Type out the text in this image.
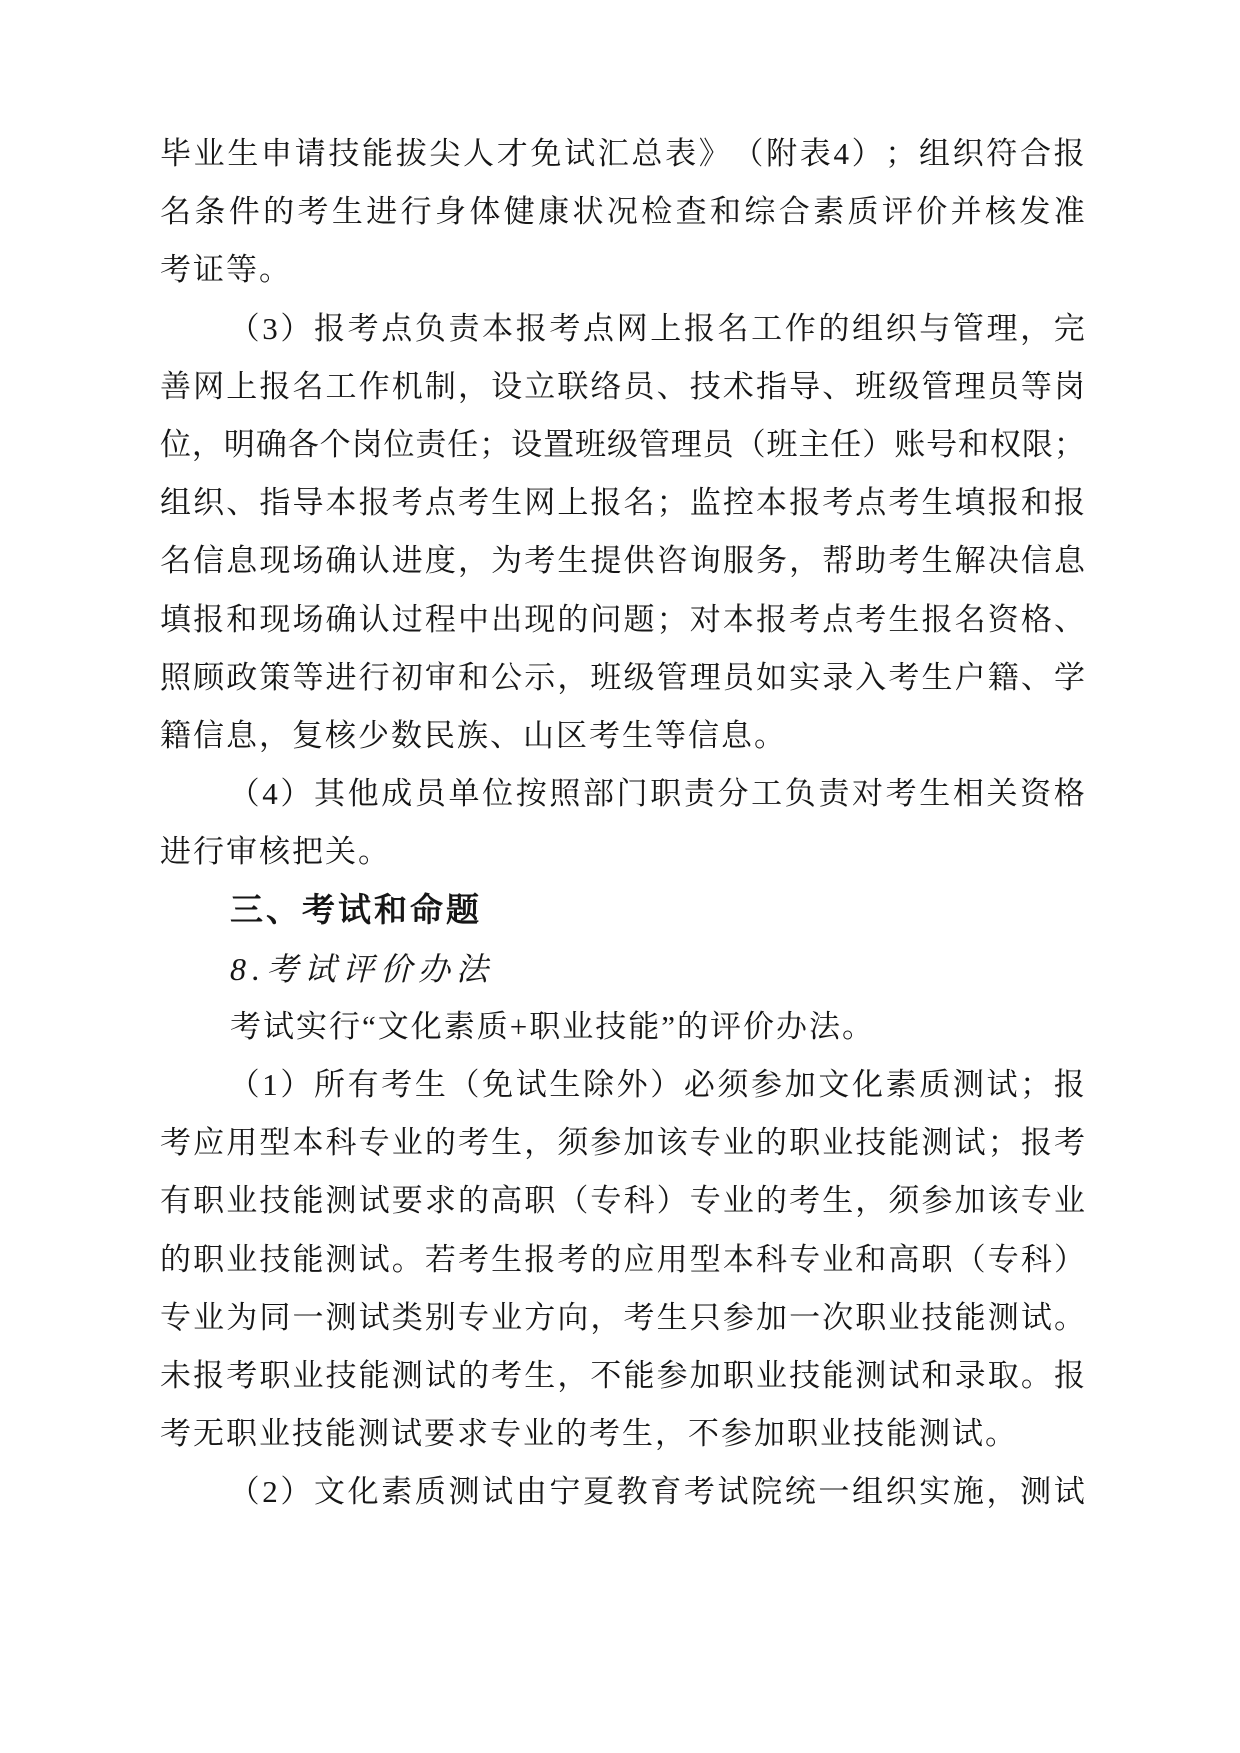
毕 业 生 申 请 技 能 拔 尖 人 才 免 试 汇 总 表 》 （ 附 表 4 ） ； 组 织 符 合 报
名 条 件 的 考 生 进 行 身 体 健 康 状 况 检 查 和 综 合 素 质 评 价 并 核 发 准
考证等。
（ 3 ） 报 考 点 负 责 本 报 考 点 网 上 报 名 工 作 的 组 织 与 管 理 ， 完
善 网 上 报 名 工 作 机 制 ， 设 立 联 络 员 、 技 术 指 导 、 班 级 管 理 员 等 岗
位 ， 明 确 各 个 岗 位 责 任 ； 设 置 班 级 管 理 员 （ 班 主 任 ） 账 号 和 权 限 ；
组 织 、 指 导 本 报 考 点 考 生 网 上 报 名 ； 监 控 本 报 考 点 考 生 填 报 和 报
名 信 息 现 场 确 认 进 度 ， 为 考 生 提 供 咨 询 服 务 ， 帮 助 考 生 解 决 信 息
填 报 和 现 场 确 认 过 程 中 出 现 的 问 题 ； 对 本 报 考 点 考 生 报 名 资 格 、
照 顾 政 策 等 进 行 初 审 和 公 示 ， 班 级 管 理 员 如 实 录 入 考 生 户 籍 、 学
籍信息，复核少数民族、山区考生等信息。
（ 4 ） 其 他 成 员 单 位 按 照 部 门 职 责 分 工 负 责 对 考 生 相 关 资 格
进行审核把关。
三、考试和命题
8.考试评价办法
考试实行“文化素质+职业技能”的评价办法。
（ 1 ） 所 有 考 生 （ 免 试 生 除 外 ） 必 须 参 加 文 化 素 质 测 试 ； 报
考 应 用 型 本 科 专 业 的 考 生 ， 须 参 加 该 专 业 的 职 业 技 能 测 试 ； 报 考
有 职 业 技 能 测 试 要 求 的 高 职 （ 专 科 ） 专 业 的 考 生 ， 须 参 加 该 专 业
的 职 业 技 能 测 试 。 若 考 生 报 考 的 应 用 型 本 科 专 业 和 高 职 （ 专 科 ）
专 业 为 同 一 测 试 类 别 专 业 方 向 ， 考 生 只 参 加 一 次 职 业 技 能 测 试 。
未 报 考 职 业 技 能 测 试 的 考 生 ， 不 能 参 加 职 业 技 能 测 试 和 录 取 。 报
考无职业技能测试要求专业的考生，不参加职业技能测试。
（ 2 ） 文 化 素 质 测 试 由 宁 夏 教 育 考 试 院 统 一 组 织 实 施 ， 测 试
